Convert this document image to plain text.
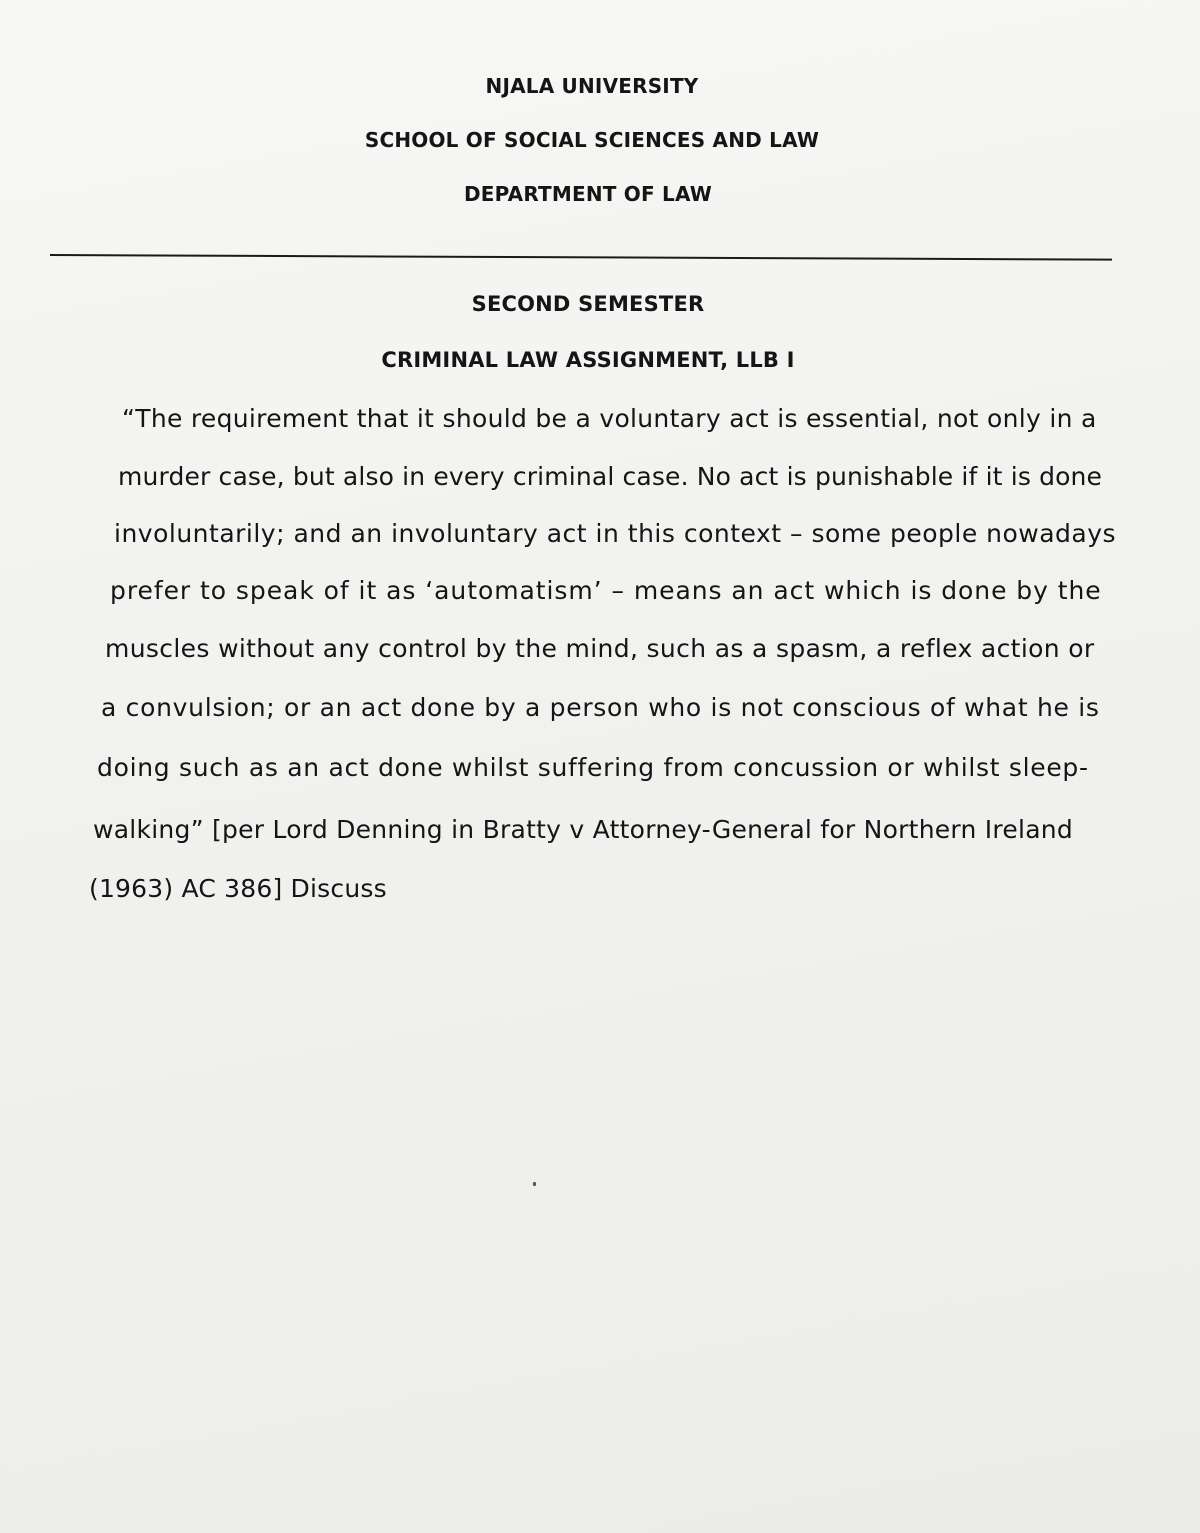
NJALA UNIVERSITY
SCHOOL OF SOCIAL SCIENCES AND LAW
DEPARTMENT OF LAW
SECOND SEMESTER
CRIMINAL LAW ASSIGNMENT, LLB I
“The requirement that it should be a voluntary act is essential, not only in a
murder case, but also in every criminal case. No act is punishable if it is done
involuntarily; and an involuntary act in this context – some people nowadays
prefer to speak of it as ‘automatism’ – means an act which is done by the
muscles without any control by the mind, such as a spasm, a reflex action or
a convulsion; or an act done by a person who is not conscious of what he is
doing such as an act done whilst suffering from concussion or whilst sleep-
walking” [per Lord Denning in Bratty v Attorney-General for Northern Ireland
(1963) AC 386] Discuss
